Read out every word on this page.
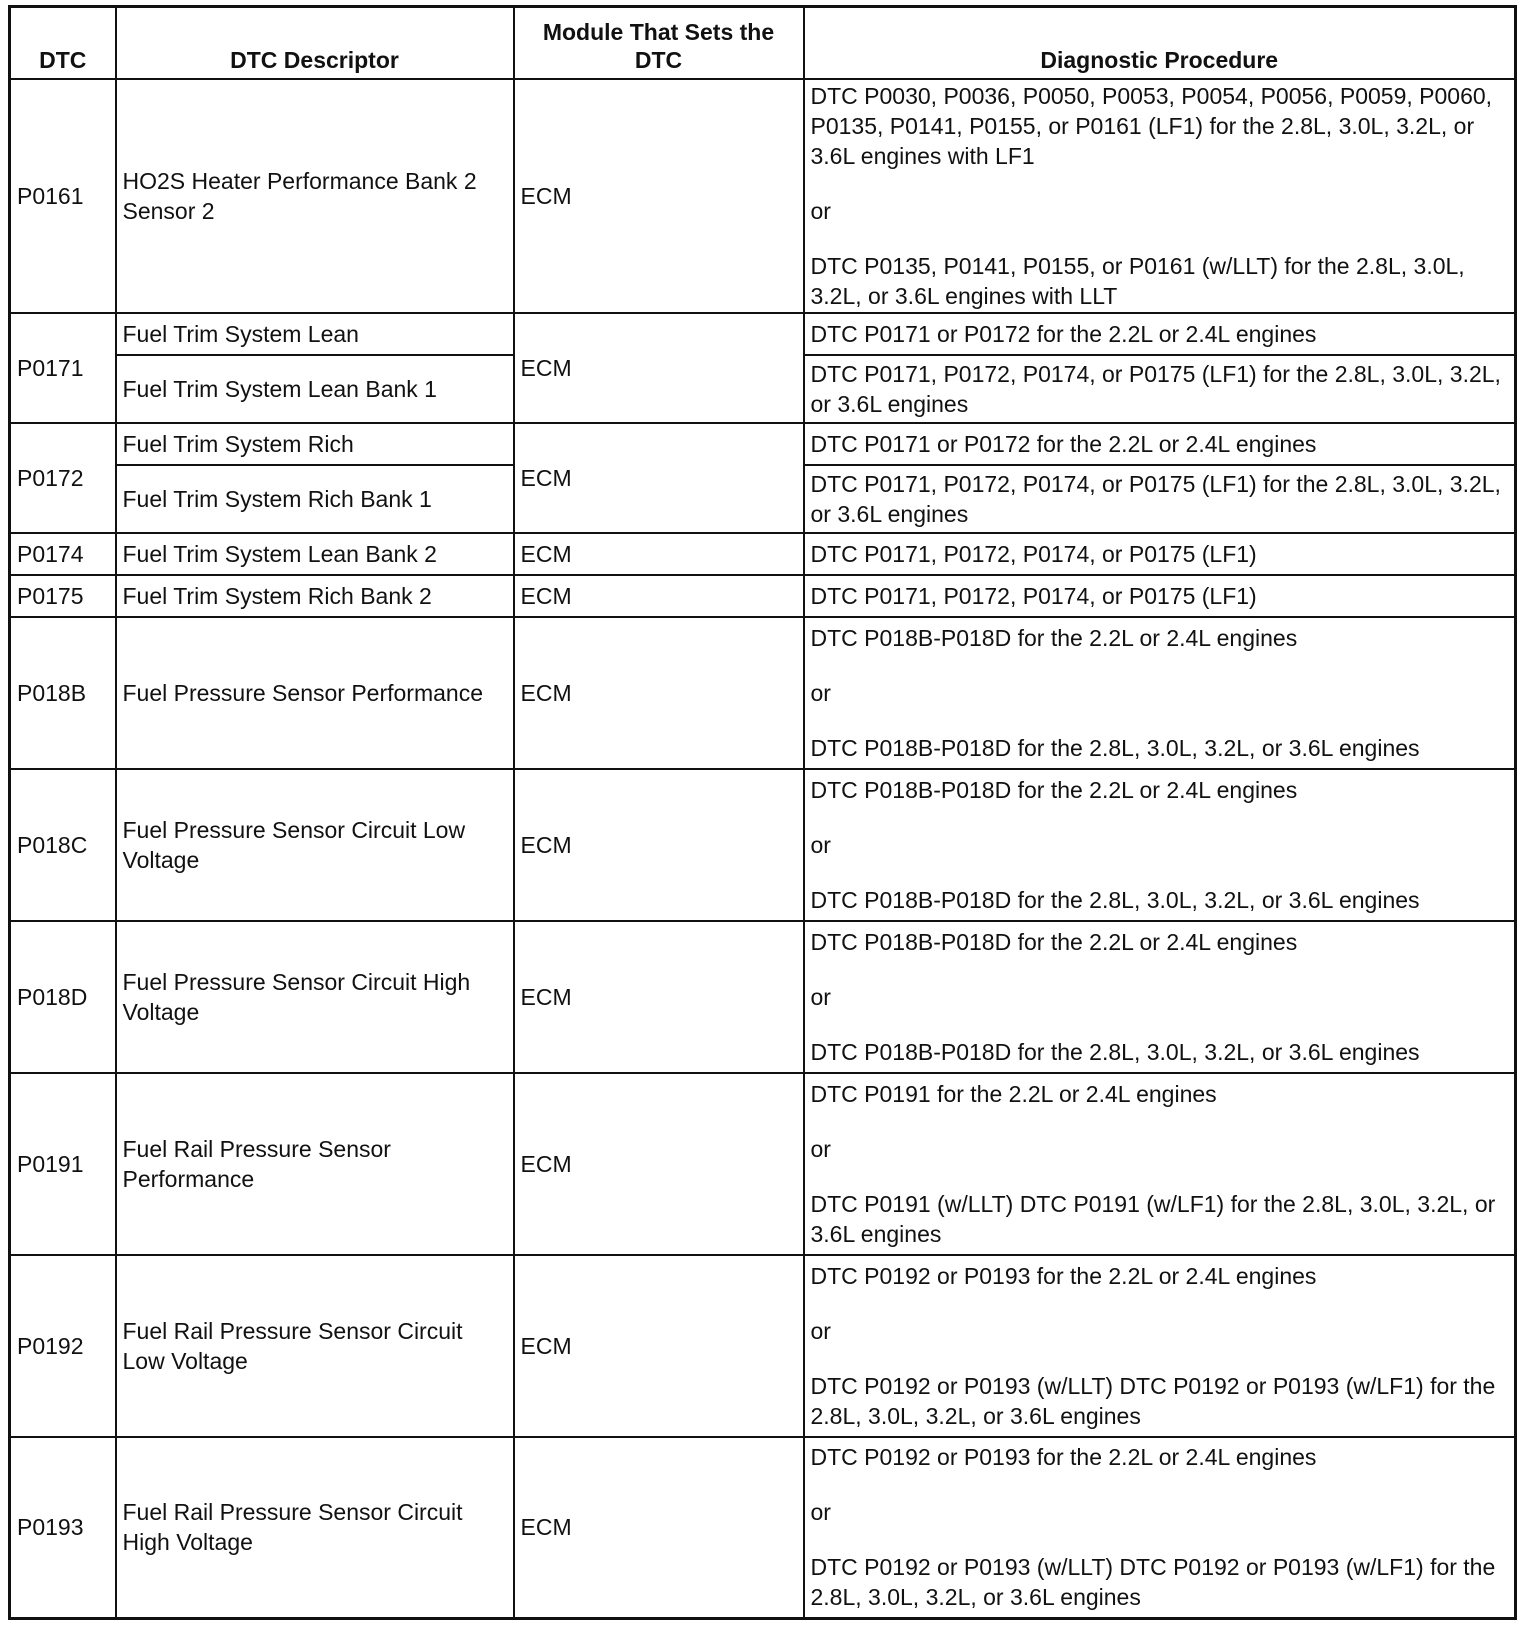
DTC	DTC Descriptor	Module That Sets the DTC	Diagnostic Procedure
P0161	HO2S Heater Performance Bank 2 Sensor 2	ECM	DTC P0030, P0036, P0050, P0053, P0054, P0056, P0059, P0060, P0135, P0141, P0155, or P0161 (LF1) for the 2.8L, 3.0L, 3.2L, or 3.6L engines with LF1
or
DTC P0135, P0141, P0155, or P0161 (w/LLT) for the 2.8L, 3.0L, 3.2L, or 3.6L engines with LLT

P0171	Fuel Trim System Lean	ECM	DTC P0171 or P0172 for the 2.2L or 2.4L engines
	Fuel Trim System Lean Bank 1		DTC P0171, P0172, P0174, or P0175 (LF1) for the 2.8L, 3.0L, 3.2L, or 3.6L engines
P0172	Fuel Trim System Rich	ECM	DTC P0171 or P0172 for the 2.2L or 2.4L engines
	Fuel Trim System Rich Bank 1		DTC P0171, P0172, P0174, or P0175 (LF1) for the 2.8L, 3.0L, 3.2L, or 3.6L engines
P0174	Fuel Trim System Lean Bank 2	ECM	DTC P0171, P0172, P0174, or P0175 (LF1)
P0175	Fuel Trim System Rich Bank 2	ECM	DTC P0171, P0172, P0174, or P0175 (LF1)
P018B	Fuel Pressure Sensor Performance	ECM	DTC P018B-P018D for the 2.2L or 2.4L engines
or
DTC P018B-P018D for the 2.8L, 3.0L, 3.2L, or 3.6L engines

P018C	Fuel Pressure Sensor Circuit Low Voltage	ECM	DTC P018B-P018D for the 2.2L or 2.4L engines
or
DTC P018B-P018D for the 2.8L, 3.0L, 3.2L, or 3.6L engines

P018D	Fuel Pressure Sensor Circuit High Voltage	ECM	DTC P018B-P018D for the 2.2L or 2.4L engines
or
DTC P018B-P018D for the 2.8L, 3.0L, 3.2L, or 3.6L engines

P0191	Fuel Rail Pressure Sensor Performance	ECM	DTC P0191 for the 2.2L or 2.4L engines
or
DTC P0191 (w/LLT) DTC P0191 (w/LF1) for the 2.8L, 3.0L, 3.2L, or 3.6L engines

P0192	Fuel Rail Pressure Sensor Circuit Low Voltage	ECM	DTC P0192 or P0193 for the 2.2L or 2.4L engines
or
DTC P0192 or P0193 (w/LLT) DTC P0192 or P0193 (w/LF1) for the 2.8L, 3.0L, 3.2L, or 3.6L engines

P0193	Fuel Rail Pressure Sensor Circuit High Voltage	ECM	DTC P0192 or P0193 for the 2.2L or 2.4L engines
or
DTC P0192 or P0193 (w/LLT) DTC P0192 or P0193 (w/LF1) for the 2.8L, 3.0L, 3.2L, or 3.6L engines
